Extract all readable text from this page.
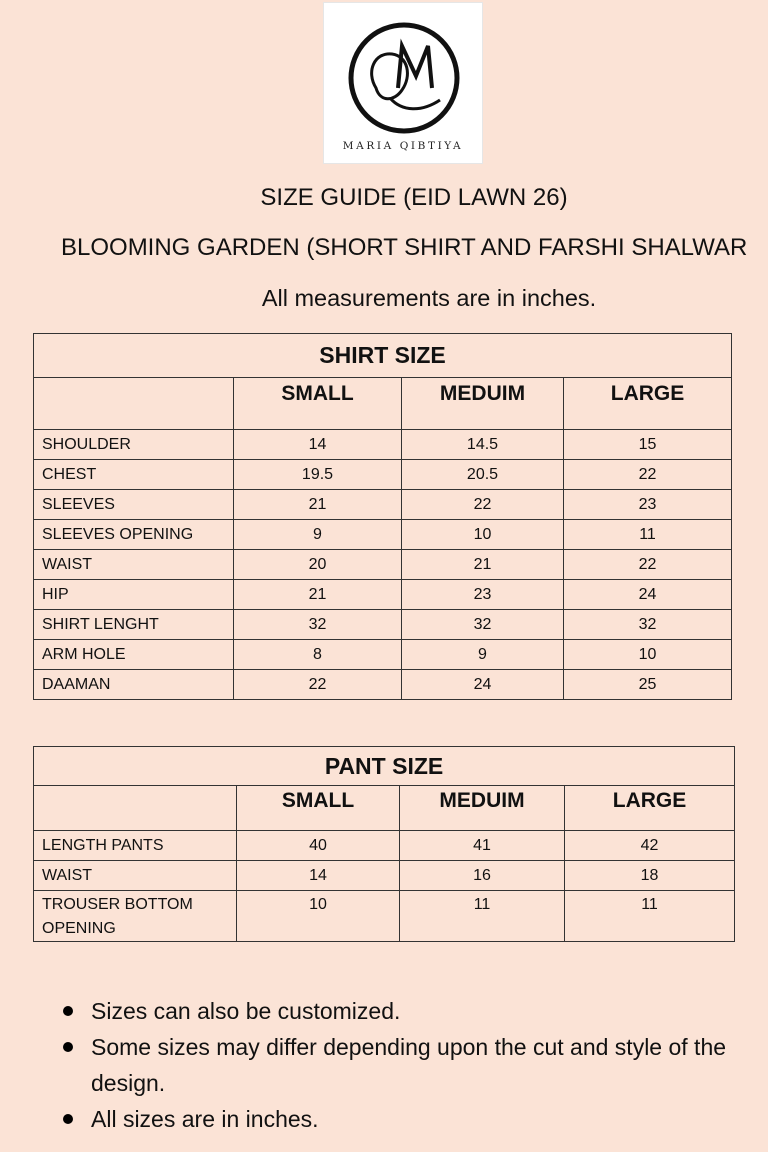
MARIA QIBTIYA
SIZE GUIDE (EID LAWN 26)
BLOOMING GARDEN (SHORT SHIRT AND FARSHI SHALWAR
All measurements are in inches.
SHIRT SIZE			
	SMALL	MEDUIM	LARGE
SHOULDER	14	14.5	15
CHEST	19.5	20.5	22
SLEEVES	21	22	23
SLEEVES OPENING	9	10	11
WAIST	20	21	22
HIP	21	23	24
SHIRT LENGHT	32	32	32
ARM HOLE	8	9	10
DAAMAN	22	24	25
PANT SIZE			
	SMALL	MEDUIM	LARGE
LENGTH PANTS	40	41	42
WAIST	14	16	18
TROUSER BOTTOM
OPENING	10	11	11
Sizes can also be customized.
Some sizes may differ depending upon the cut and style of the design.
All sizes are in inches.
